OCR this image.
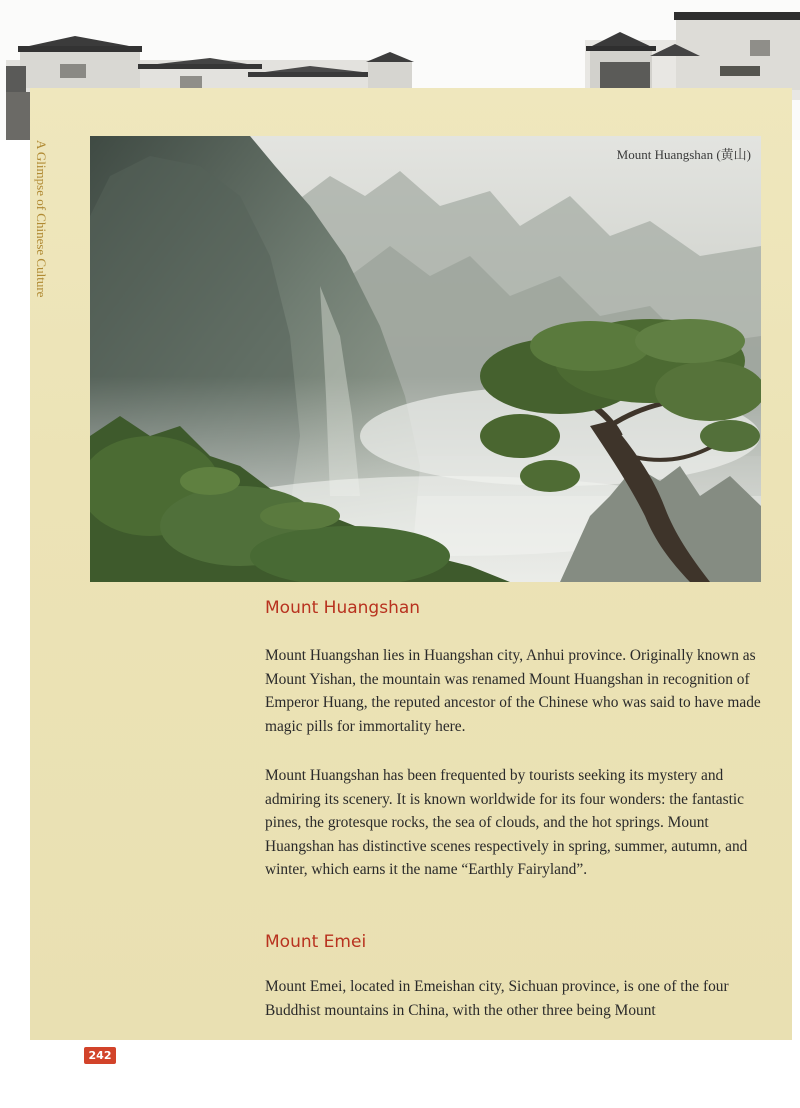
A Glimpse of Chinese Culture	Mount Huangshan (黄山)
Mount Huangshan

Mount Huangshan lies in Huangshan city, Anhui province. Originally known as Mount Yishan, the mountain was renamed Mount Huangshan in recognition of Emperor Huang, the reputed ancestor of the Chinese who was said to have made magic pills for immortality here.

Mount Huangshan has been frequented by tourists seeking its mystery and admiring its scenery. It is known worldwide for its four wonders: the fantastic pines, the grotesque rocks, the sea of clouds, and the hot springs. Mount Huangshan has distinctive scenes respectively in spring, summer, autumn, and winter, which earns it the name “Earthly Fairyland”.

Mount Emei

Mount Emei, located in Emeishan city, Sichuan province, is one of the four Buddhist mountains in China, with the other three being Mount

242
